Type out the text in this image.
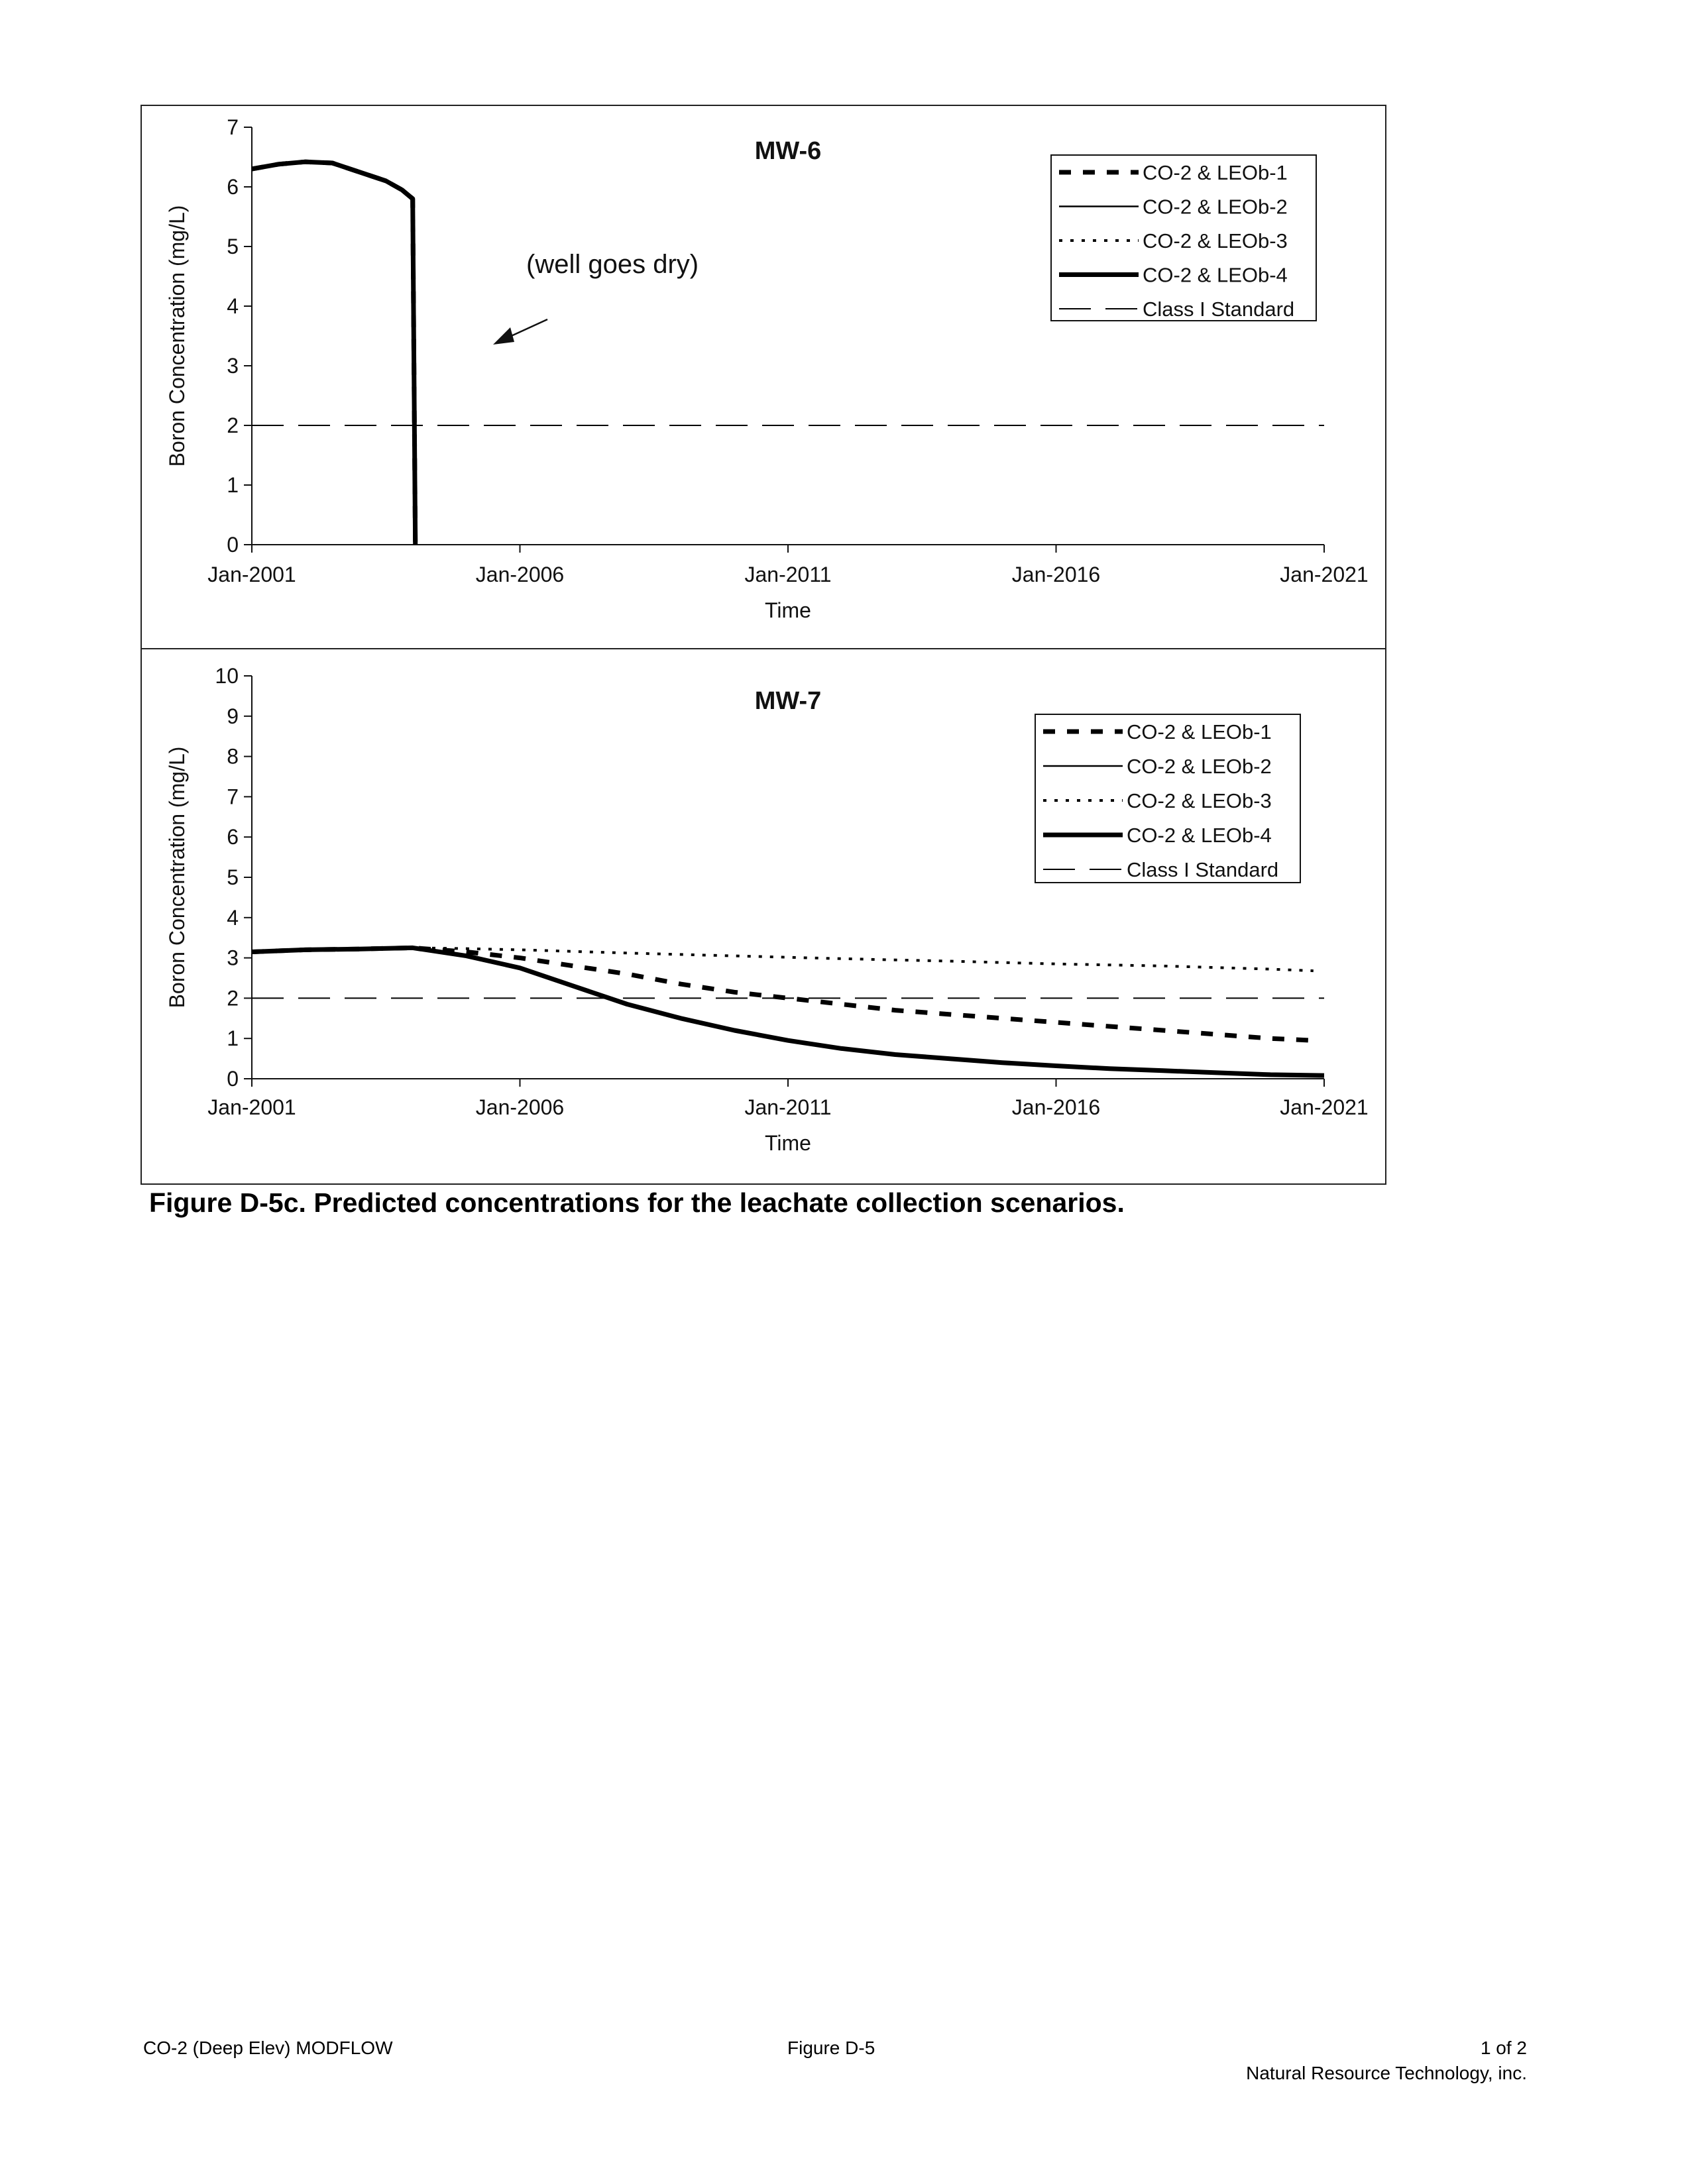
0
1
2
3
4
5
6
7
Jan-2001	Jan-2006	Jan-2011	Jan-2016	Jan-2021
Time
Boron Concentration (mg/L)
MW-6
CO-2 & LEOb-1
CO-2 & LEOb-2
CO-2 & LEOb-3
CO-2 & LEOb-4
Class I Standard
(well goes dry)
0
1
2
3
4
5
6
7
8
9
10
Jan-2001	Jan-2006	Jan-2011	Jan-2016	Jan-2021
Time
Boron Concentration (mg/L)
MW-7
CO-2 & LEOb-1
CO-2 & LEOb-2
CO-2 & LEOb-3
CO-2 & LEOb-4
Class I Standard
Figure D-5c. Predicted concentrations for the leachate collection scenarios.
CO-2 (Deep Elev) MODFLOW	Figure D-5	1 of 2
Natural Resource Technology, inc.
